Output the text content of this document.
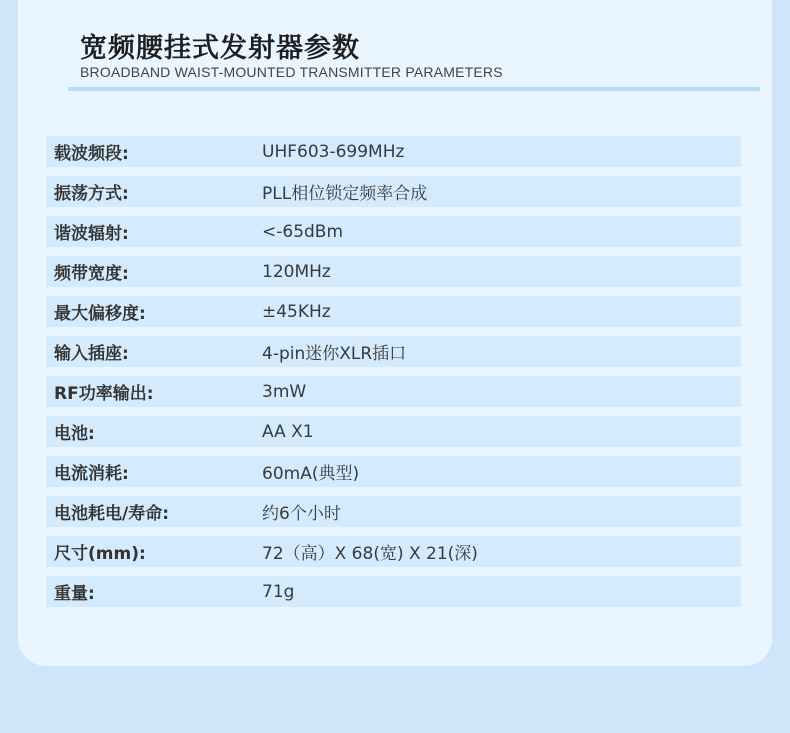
宽频腰挂式发射器参数
BROADBAND WAIST-MOUNTED TRANSMITTER PARAMETERS
载波频段:	UHF603-699MHz
振荡方式:	PLL相位锁定频率合成
谐波辐射:	<-65dBm
频带宽度:	120MHz
最大偏移度:	±45KHz
输入插座:	4-pin迷你XLR插口
RF功率输出:	3mW
电池:	AA X1
电流消耗:	60mA(典型)
电池耗电/寿命:	约6个小时
尺寸(mm):	72（高）X 68(宽) X 21(深)
重量:	71g
